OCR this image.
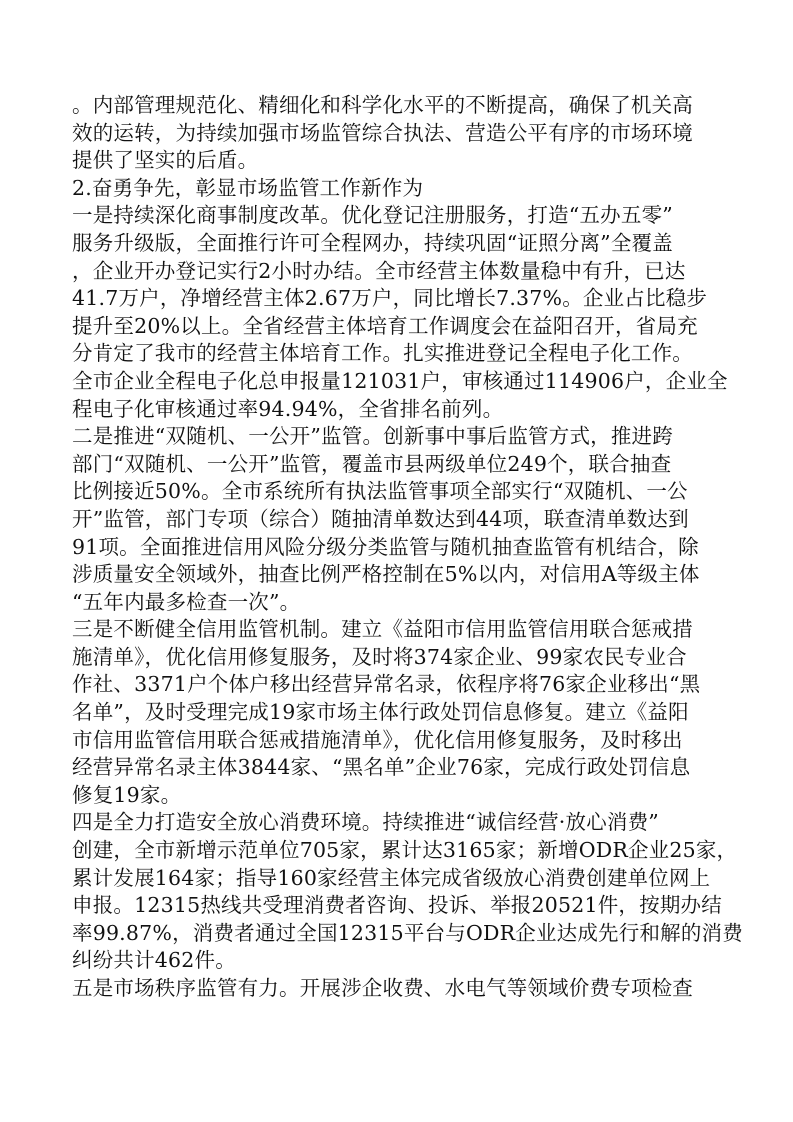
。内部管理规范化、精细化和科学化水平的不断提高，确保了机关高
效的运转，为持续加强市场监管综合执法、营造公平有序的市场环境
提供了坚实的后盾。
2.奋勇争先，彰显市场监管工作新作为
一是持续深化商事制度改革。优化登记注册服务，打造“五办五零”
服务升级版，全面推行许可全程网办，持续巩固“证照分离”全覆盖
，企业开办登记实行2小时办结。全市经营主体数量稳中有升，已达
41.7万户，净增经营主体2.67万户，同比增长7.37%。企业占比稳步
提升至20%以上。全省经营主体培育工作调度会在益阳召开，省局充
分肯定了我市的经营主体培育工作。扎实推进登记全程电子化工作。
全市企业全程电子化总申报量121031户，审核通过114906户，企业全
程电子化审核通过率94.94%，全省排名前列。
二是推进“双随机、一公开”监管。创新事中事后监管方式，推进跨
部门“双随机、一公开”监管，覆盖市县两级单位249个，联合抽查
比例接近50%。全市系统所有执法监管事项全部实行“双随机、一公
开”监管，部门专项（综合）随抽清单数达到44项，联查清单数达到
91项。全面推进信用风险分级分类监管与随机抽查监管有机结合，除
涉质量安全领域外，抽查比例严格控制在5%以内，对信用A等级主体
“五年内最多检查一次”。
三是不断健全信用监管机制。建立《益阳市信用监管信用联合惩戒措
施清单》，优化信用修复服务，及时将374家企业、99家农民专业合
作社、3371户个体户移出经营异常名录，依程序将76家企业移出“黑
名单”，及时受理完成19家市场主体行政处罚信息修复。建立《益阳
市信用监管信用联合惩戒措施清单》，优化信用修复服务，及时移出
经营异常名录主体3844家、“黑名单”企业76家，完成行政处罚信息
修复19家。
四是全力打造安全放心消费环境。持续推进“诚信经营·放心消费”
创建，全市新增示范单位705家，累计达3165家；新增ODR企业25家，
累计发展164家；指导160家经营主体完成省级放心消费创建单位网上
申报。12315热线共受理消费者咨询、投诉、举报20521件，按期办结
率99.87%，消费者通过全国12315平台与ODR企业达成先行和解的消费
纠纷共计462件。
五是市场秩序监管有力。开展涉企收费、水电气等领域价费专项检查
